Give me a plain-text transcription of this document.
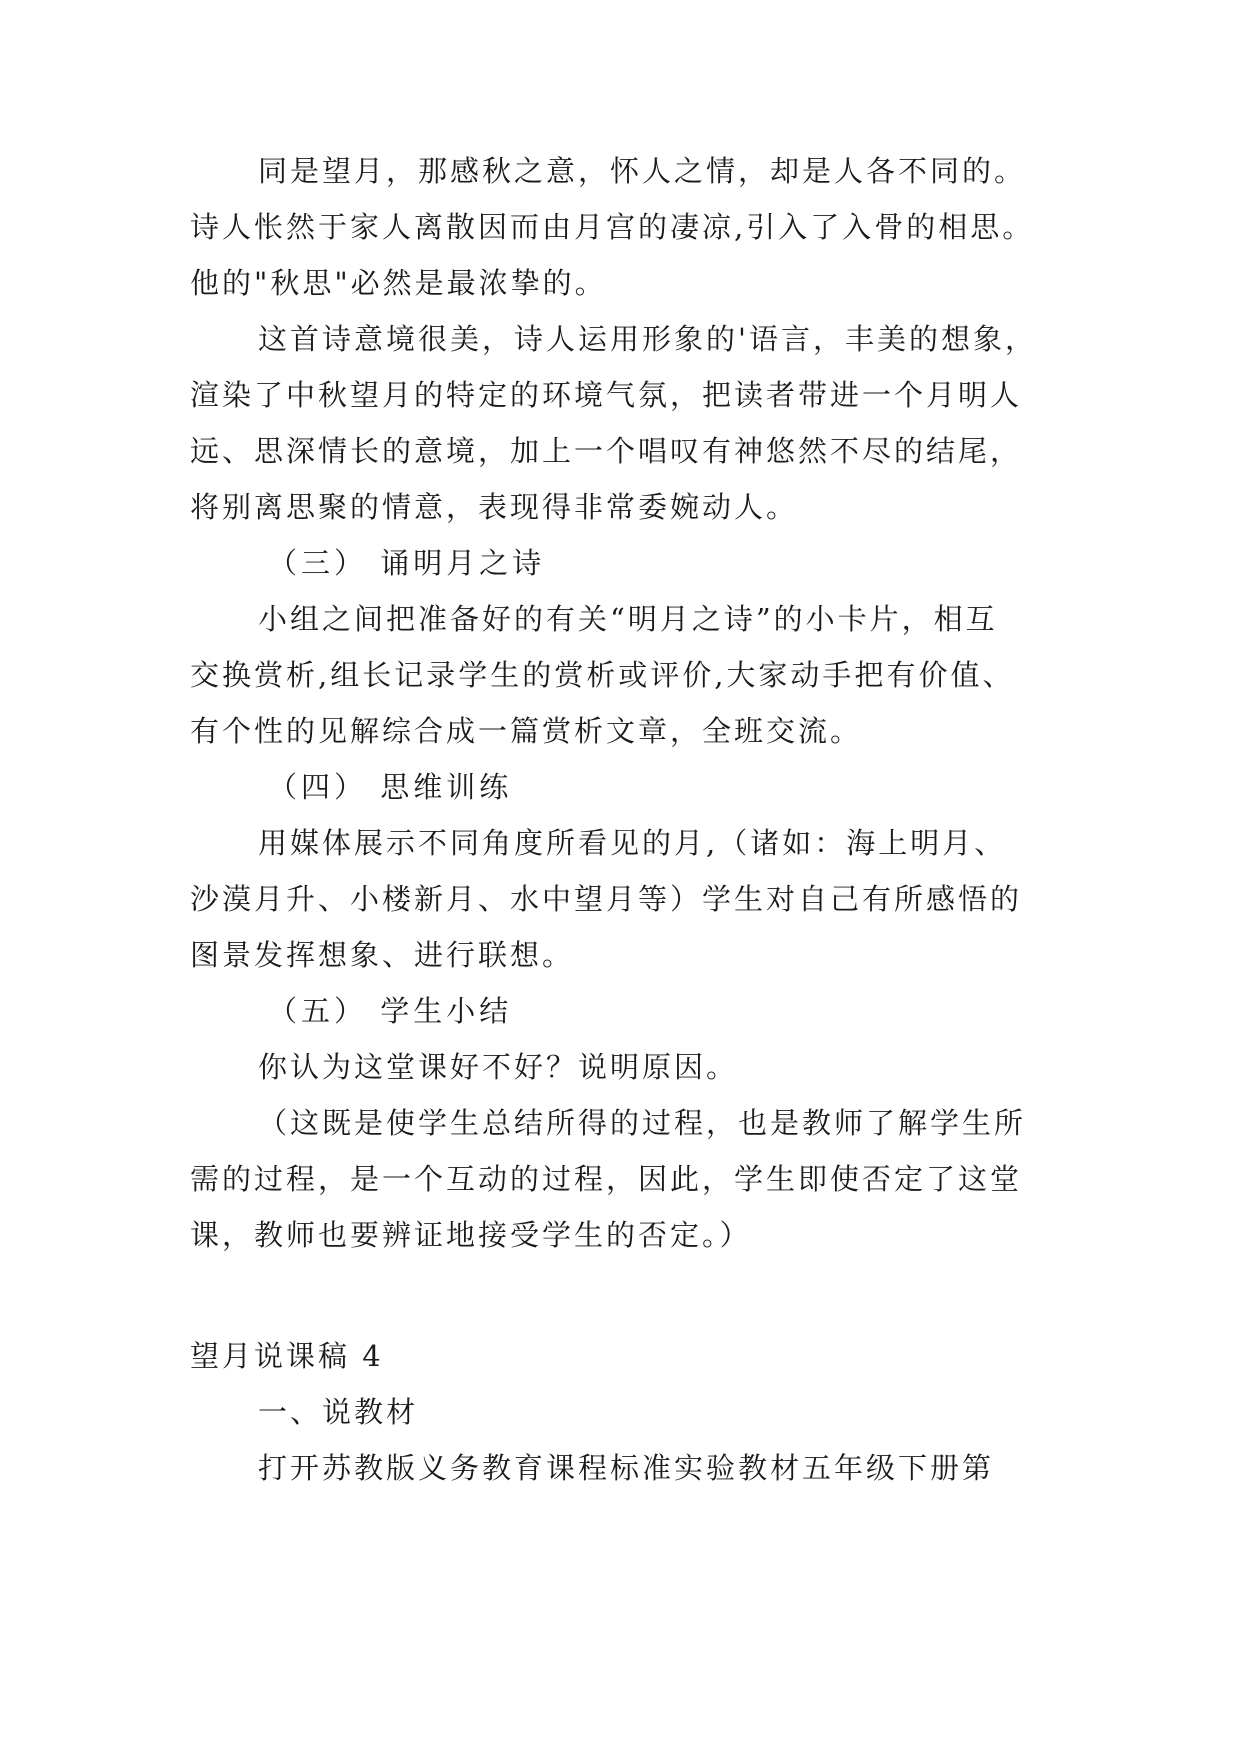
同是望月，那感秋之意，怀人之情，却是人各不同的。

诗人怅然于家人离散因而由月宫的凄凉,引入了入骨的相思。

他的"秋思"必然是最浓挚的。

这首诗意境很美，诗人运用形象的'语言，丰美的想象，

渲染了中秋望月的特定的环境气氛，把读者带进一个月明人

远、思深情长的意境，加上一个唱叹有神悠然不尽的结尾，

将别离思聚的情意，表现得非常委婉动人。

（三） 诵明月之诗

小组之间把准备好的有关“明月之诗”的小卡片，相互

交换赏析,组长记录学生的赏析或评价,大家动手把有价值、

有个性的见解综合成一篇赏析文章，全班交流。

（四） 思维训练

用媒体展示不同角度所看见的月,（诸如：海上明月、

沙漠月升、小楼新月、水中望月等）学生对自己有所感悟的

图景发挥想象、进行联想。

（五） 学生小结

你认为这堂课好不好？说明原因。

（这既是使学生总结所得的过程，也是教师了解学生所

需的过程，是一个互动的过程，因此，学生即使否定了这堂

课，教师也要辨证地接受学生的否定。）

望月说课稿 4

一、说教材

打开苏教版义务教育课程标准实验教材五年级下册第
